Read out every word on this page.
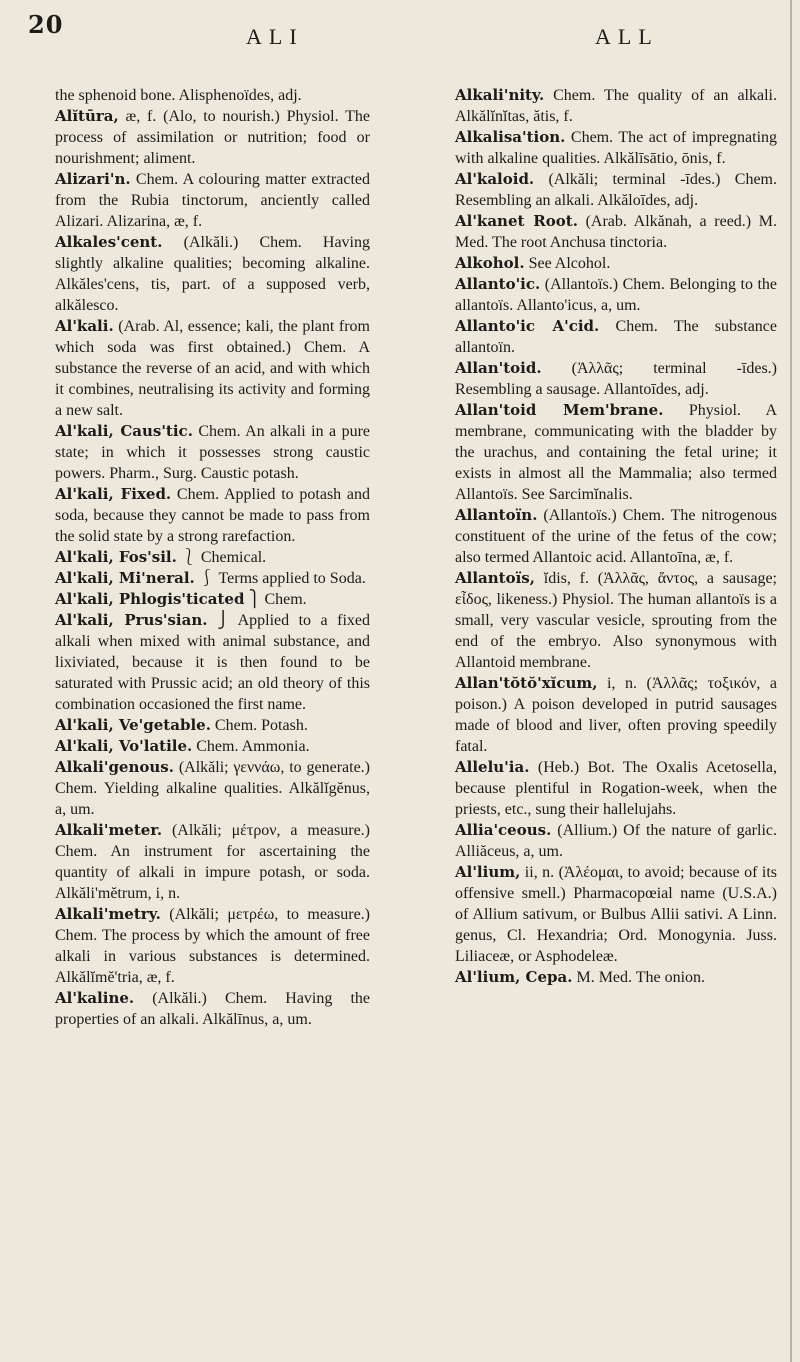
20	ALI	ALL

the sphenoid bone. Alisphenoïdes, adj.

Alĭtūra, æ, f. (Alo, to nourish.) Physiol. The process of assimilation or nutrition; food or nourishment; aliment.

Alizari'n. Chem. A colouring matter extracted from the Rubia tinctorum, anciently called Alizari. Alizarina, æ, f.

Alkales'cent. (Alkăli.) Chem. Having slightly alkaline qualities; becoming alkaline. Alkăles'cens, tis, part. of a supposed verb, alkălesco.

Al'kali. (Arab. Al, essence; kali, the plant from which soda was first obtained.) Chem. A substance the reverse of an acid, and with which it combines, neutralising its activity and forming a new salt.

Al'kali, Caus'tic. Chem. An alkali in a pure state; in which it possesses strong caustic powers. Pharm., Surg. Caustic potash.

Al'kali, Fixed. Chem. Applied to potash and soda, because they cannot be made to pass from the solid state by a strong rarefaction.

Al'kali, Fos'sil. ⎱ Chemical.

Al'kali, Mi'neral. ⎰ Terms applied to Soda.

Al'kali, Phlogis'ticated ⎫ Chem.

Al'kali, Prus'sian. ⎭ Applied to a fixed alkali when mixed with animal substance, and lixiviated, because it is then found to be saturated with Prussic acid; an old theory of this combination occasioned the first name.

Al'kali, Ve'getable. Chem. Potash.

Al'kali, Vo'latile. Chem. Ammonia.

Alkali'genous. (Alkăli; γεννάω, to generate.) Chem. Yielding alkaline qualities. Alkălĭgĕnus, a, um.

Alkali'meter. (Alkăli; μέτρον, a measure.) Chem. An instrument for ascertaining the quantity of alkali in impure potash, or soda. Alkăli'mĕtrum, i, n.

Alkali'metry. (Alkăli; μετρέω, to measure.) Chem. The process by which the amount of free alkali in various substances is determined. Alkălĭmĕ'tria, æ, f.

Al'kaline. (Alkăli.) Chem. Having the properties of an alkali. Alkălīnus, a, um.

Alkali'nity. Chem. The quality of an alkali. Alkălĭnĭtas, ătis, f.

Alkalisa'tion. Chem. The act of impregnating with alkaline qualities. Alkălīsātio, ōnis, f.

Al'kaloid. (Alkăli; terminal -īdes.) Chem. Resembling an alkali. Alkăloīdes, adj.

Al'kanet Root. (Arab. Alkănah, a reed.) M. Med. The root Anchusa tinctoria.

Alkohol. See Alcohol.

Allanto'ic. (Allantoïs.) Chem. Belonging to the allantoïs. Allanto'icus, a, um.

Allanto'ic A'cid. Chem. The substance allantoïn.

Allan'toid. (Ἀλλᾶς; terminal -īdes.) Resembling a sausage. Allantoīdes, adj.

Allan'toid Mem'brane. Physiol. A membrane, communicating with the bladder by the urachus, and containing the fetal urine; it exists in almost all the Mammalia; also termed Allantoïs. See Sarcimĭnalis.

Allantoïn. (Allantoïs.) Chem. The nitrogenous constituent of the urine of the fetus of the cow; also termed Allantoic acid. Allantoīna, æ, f.

Allantoïs, ĭdis, f. (Ἀλλᾶς, ἄντος, a sausage; εἶδος, likeness.) Physiol. The human allantoïs is a small, very vascular vesicle, sprouting from the end of the embryo. Also synonymous with Allantoid membrane.

Allan'tŏtŏ'xĭcum, i, n. (Ἀλλᾶς; τοξικόν, a poison.) A poison developed in putrid sausages made of blood and liver, often proving speedily fatal.

Allelu'ia. (Heb.) Bot. The Oxalis Acetosella, because plentiful in Rogation-week, when the priests, etc., sung their hallelujahs.

Allia'ceous. (Allium.) Of the nature of garlic. Alliăceus, a, um.

Al'lium, ii, n. (Ἀλέομαι, to avoid; because of its offensive smell.) Pharmacopœial name (U.S.A.) of Allium sativum, or Bulbus Allii sativi. A Linn. genus, Cl. Hexandria; Ord. Monogynia. Juss. Liliaceæ, or Asphodeleæ.

Al'lium, Cepa. M. Med. The onion.
